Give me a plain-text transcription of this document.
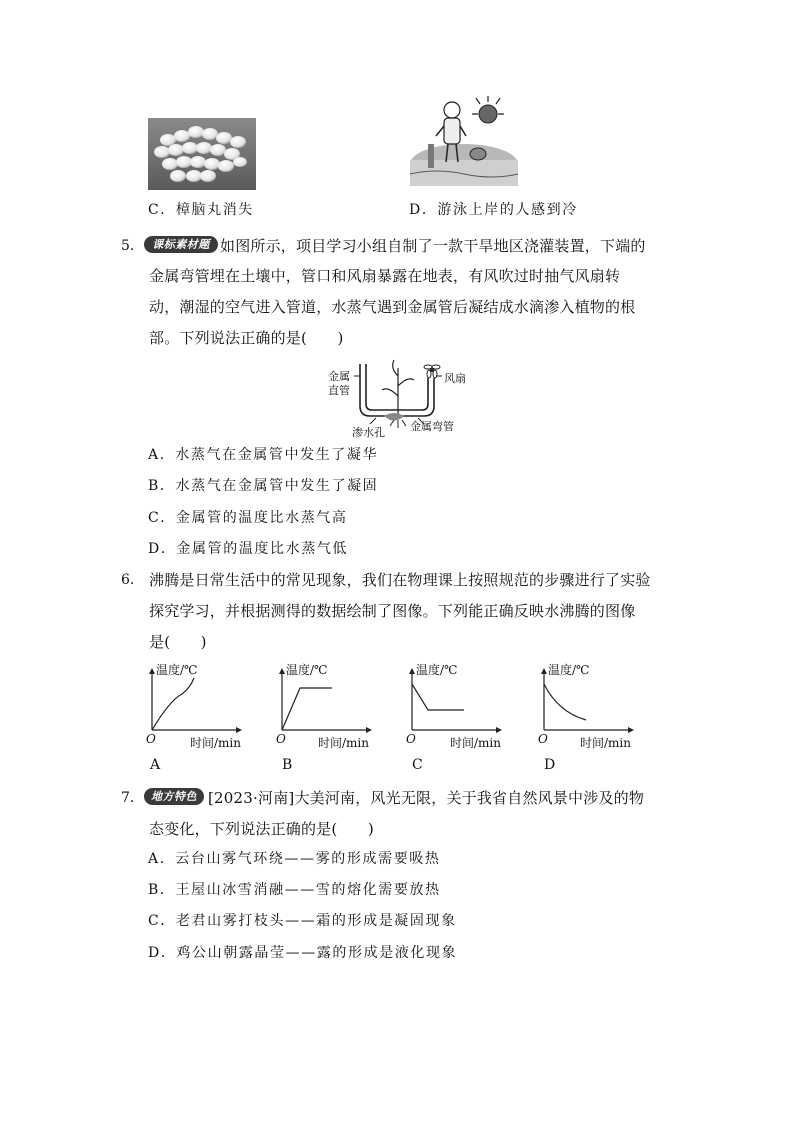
C．樟脑丸消失	D．游泳上岸的人感到冷
5.	课标素材题 如图所示，项目学习小组自制了一款干旱地区浇灌装置，下端的
金属弯管埋在土壤中，管口和风扇暴露在地表，有风吹过时抽气风扇转
动，潮湿的空气进入管道，水蒸气遇到金属管后凝结成水滴渗入植物的根
部。下列说法正确的是(　　)
金属
直管
风扇
渗水孔 金属弯管
A．水蒸气在金属管中发生了凝华
B．水蒸气在金属管中发生了凝固
C．金属管的温度比水蒸气高
D．金属管的温度比水蒸气低
6. 沸腾是日常生活中的常见现象，我们在物理课上按照规范的步骤进行了实验
探究学习，并根据测得的数据绘制了图像。下列能正确反映水沸腾的图像
是(　　)
温度/℃
O	时间/min
A
温度/℃
O	时间/min
B
温度/℃
O	时间/min
C
温度/℃
O	时间/min
D
7.	地方特色 [2023·河南]大美河南，风光无限，关于我省自然风景中涉及的物
态变化，下列说法正确的是(　　)
A．云台山雾气环绕——雾的形成需要吸热
B．王屋山冰雪消融——雪的熔化需要放热
C．老君山雾打枝头——霜的形成是凝固现象
D．鸡公山朝露晶莹——露的形成是液化现象
